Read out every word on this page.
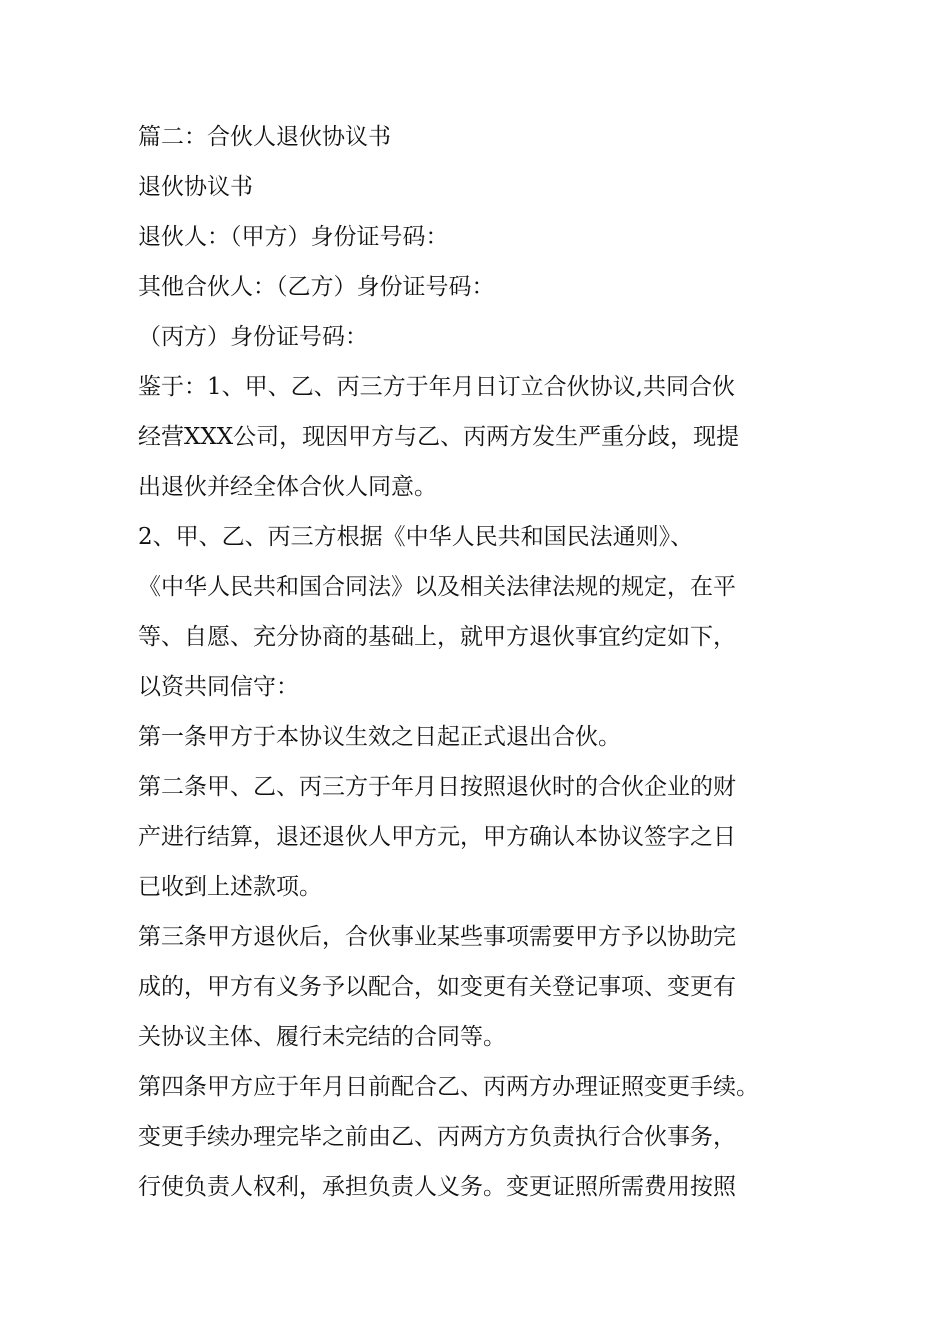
篇二：合伙人退伙协议书
退伙协议书
退伙人：（甲方）身份证号码：
其他合伙人：（乙方）身份证号码：
（丙方）身份证号码：
鉴于：1、甲、乙、丙三方于年月日订立合伙协议,共同合伙
经营XXX公司，现因甲方与乙、丙两方发生严重分歧，现提
出退伙并经全体合伙人同意。
2、甲、乙、丙三方根据《中华人民共和国民法通则》、
《中华人民共和国合同法》以及相关法律法规的规定，在平
等、自愿、充分协商的基础上，就甲方退伙事宜约定如下，
以资共同信守：
第一条甲方于本协议生效之日起正式退出合伙。
第二条甲、乙、丙三方于年月日按照退伙时的合伙企业的财
产进行结算，退还退伙人甲方元，甲方确认本协议签字之日
已收到上述款项。
第三条甲方退伙后，合伙事业某些事项需要甲方予以协助完
成的，甲方有义务予以配合，如变更有关登记事项、变更有
关协议主体、履行未完结的合同等。
第四条甲方应于年月日前配合乙、丙两方办理证照变更手续。
变更手续办理完毕之前由乙、丙两方方负责执行合伙事务，
行使负责人权利，承担负责人义务。变更证照所需费用按照
